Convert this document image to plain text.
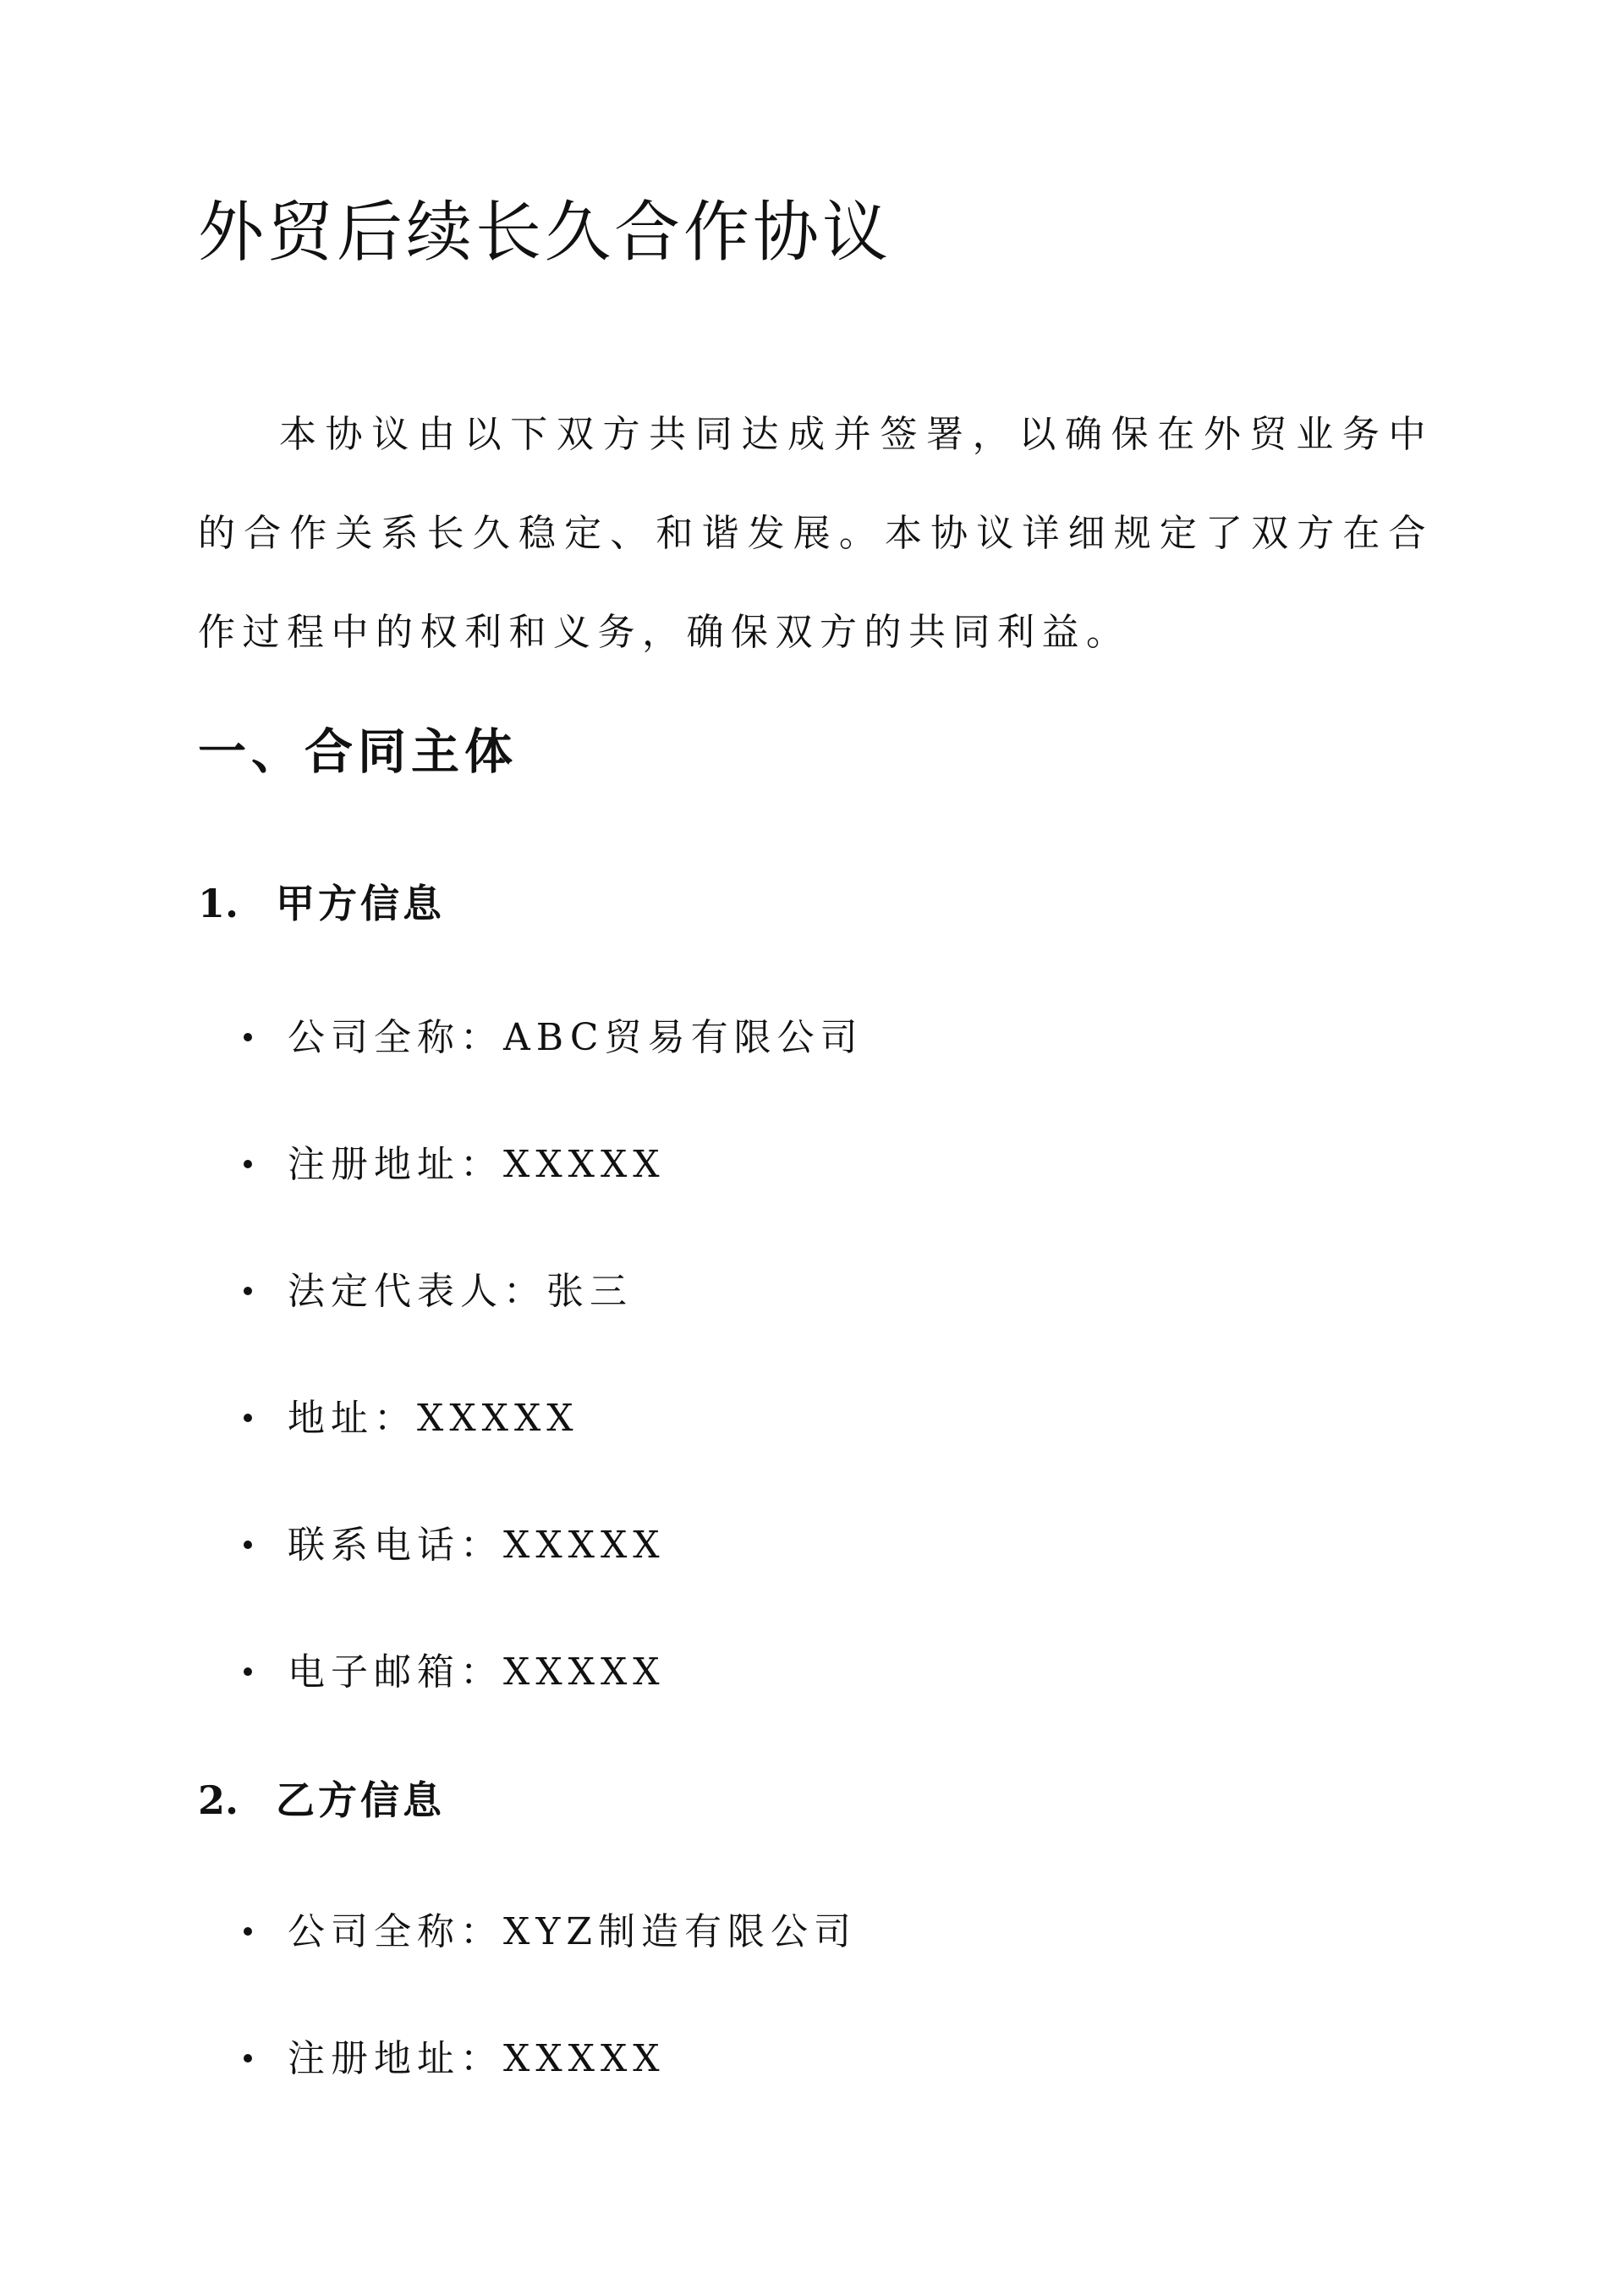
外贸后续长久合作协议

本协议由以下双方共同达成并签署，以确保在外贸业务中的合作关系长久稳定、和谐发展。本协议详细规定了双方在合作过程中的权利和义务，确保双方的共同利益。

一、合同主体
1. 甲方信息
公司全称：ABC贸易有限公司
注册地址：XXXXX
法定代表人：张三
地址：XXXXX
联系电话：XXXXX
电子邮箱：XXXXX
2. 乙方信息
公司全称：XYZ制造有限公司
注册地址：XXXXX
